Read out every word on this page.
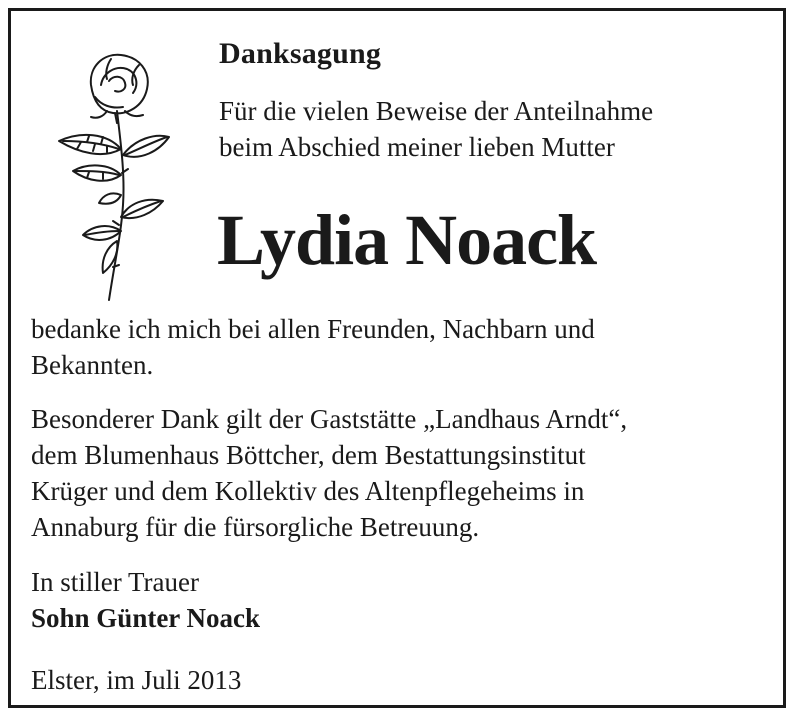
Danksagung
Für die vielen Beweise der Anteilnahme
beim Abschied meiner lieben Mutter
Lydia Noack
bedanke ich mich bei allen Freunden, Nachbarn und
Bekannten.
Besonderer Dank gilt der Gaststätte „Landhaus Arndt“,
dem Blumenhaus Böttcher, dem Bestattungsinstitut
Krüger und dem Kollektiv des Altenpflegeheims in
Annaburg für die fürsorgliche Betreuung.
In stiller Trauer
Sohn Günter Noack
Elster, im Juli 2013
